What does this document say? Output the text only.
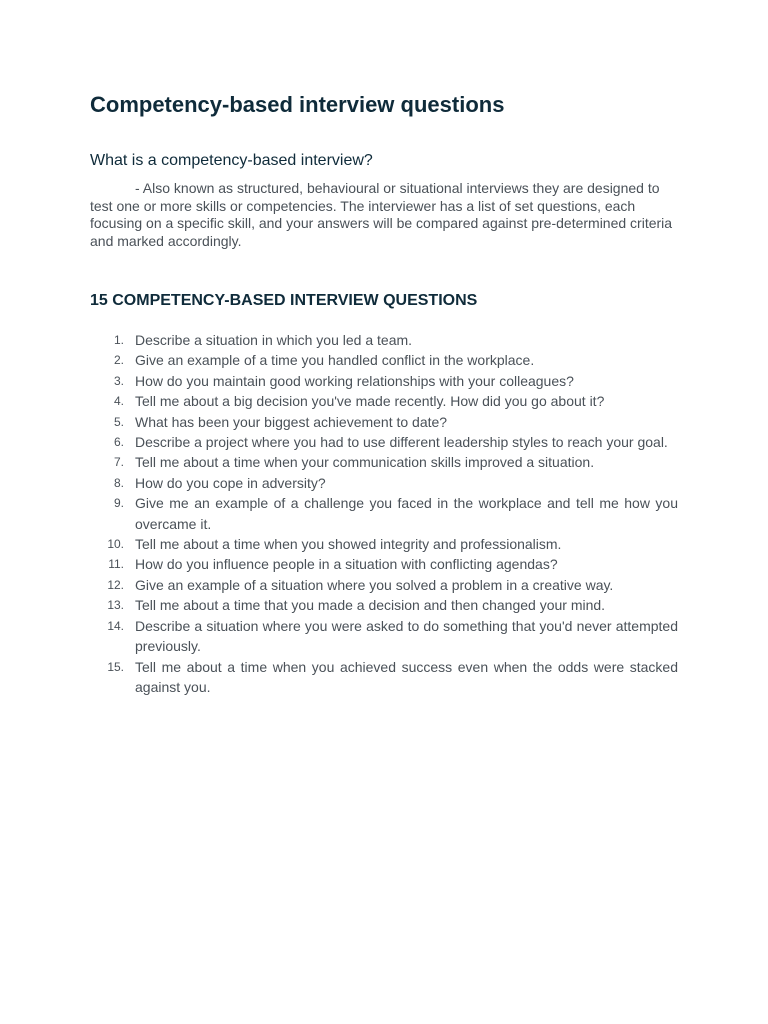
Competency-based interview questions
What is a competency-based interview?

- Also known as structured, behavioural or situational interviews they are designed to test one or more skills or competencies. The interviewer has a list of set questions, each focusing on a specific skill, and your answers will be compared against pre-determined criteria and marked accordingly.

15 COMPETENCY-BASED INTERVIEW QUESTIONS
1. Describe a situation in which you led a team.
2. Give an example of a time you handled conflict in the workplace.
3. How do you maintain good working relationships with your colleagues?
4. Tell me about a big decision you've made recently. How did you go about it?
5. What has been your biggest achievement to date?
6. Describe a project where you had to use different leadership styles to reach your goal.
7. Tell me about a time when your communication skills improved a situation.
8. How do you cope in adversity?
9. Give me an example of a challenge you faced in the workplace and tell me how you overcame it.
10. Tell me about a time when you showed integrity and professionalism.
11. How do you influence people in a situation with conflicting agendas?
12. Give an example of a situation where you solved a problem in a creative way.
13. Tell me about a time that you made a decision and then changed your mind.
14. Describe a situation where you were asked to do something that you'd never attempted previously.
15. Tell me about a time when you achieved success even when the odds were stacked against you.
